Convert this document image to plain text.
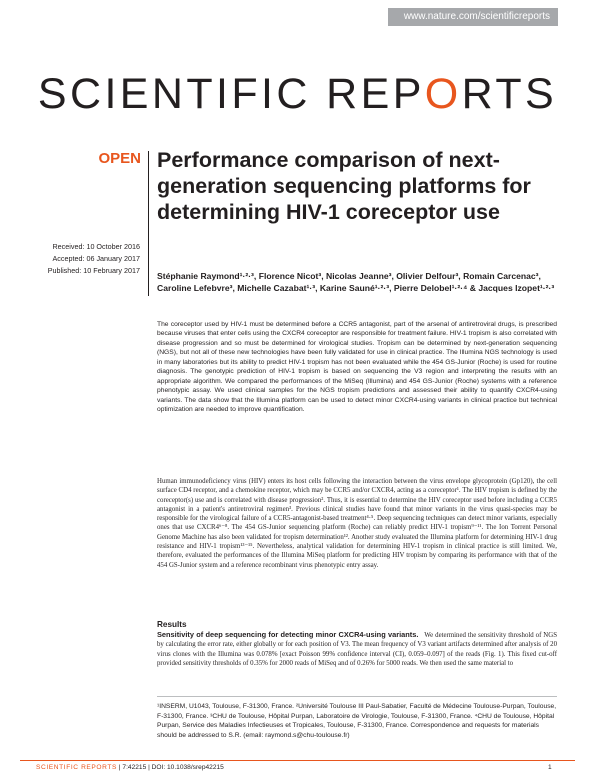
www.nature.com/scientificreports
SCIENTIFIC REPORTS
OPEN Performance comparison of next-generation sequencing platforms for determining HIV-1 coreceptor use
Received: 10 October 2016
Accepted: 06 January 2017
Published: 10 February 2017
Stéphanie Raymond¹·²·³, Florence Nicot³, Nicolas Jeanne³, Olivier Delfour³, Romain Carcenac³, Caroline Lefebvre³, Michelle Cazabat¹·³, Karine Sauné¹·²·³, Pierre Delobel¹·²·⁴ & Jacques Izopet¹·²·³

The coreceptor used by HIV-1 must be determined before a CCR5 antagonist, part of the arsenal of antiretroviral drugs, is prescribed because viruses that enter cells using the CXCR4 coreceptor are responsible for treatment failure. HIV-1 tropism is also correlated with disease progression and so must be determined for virological studies. Tropism can be determined by next-generation sequencing (NGS), but not all of these new technologies have been fully validated for use in clinical practice. The Illumina NGS technology is used in many laboratories but its ability to predict HIV-1 tropism has not been evaluated while the 454 GS-Junior (Roche) is used for routine diagnosis. The genotypic prediction of HIV-1 tropism is based on sequencing the V3 region and interpreting the results with an appropriate algorithm. We compared the performances of the MiSeq (Illumina) and 454 GS-Junior (Roche) systems with a reference phenotypic assay. We used clinical samples for the NGS tropism predictions and assessed their ability to quantify CXCR4-using variants. The data show that the Illumina platform can be used to detect minor CXCR4-using variants in clinical practice but technical optimization are needed to improve quantification.

Human immunodeficiency virus (HIV) enters its host cells following the interaction between the virus envelope glycoprotein (Gp120), the cell surface CD4 receptor, and a chemokine receptor, which may be CCR5 and/or CXCR4, acting as a coreceptor¹. The HIV tropism is defined by the coreceptor(s) use and is correlated with disease progression². Thus, it is essential to determine the HIV coreceptor used before including a CCR5 antagonist in a patient's antiretroviral regimen³. Previous clinical studies have found that minor variants in the virus quasi-species may be responsible for the virological failure of a CCR5-antagonist-based treatment⁴·⁵. Deep sequencing techniques can detect minor variants, especially ones that use CXCR4⁶⁻⁸. The 454 GS-Junior sequencing platform (Roche) can reliably predict HIV-1 tropism⁹⁻¹¹. The Ion Torrent Personal Genome Machine has also been validated for tropism determination¹². Another study evaluated the Illumina platform for determining HIV-1 drug resistance and HIV-1 tropism¹³⁻¹⁵. Nevertheless, analytical validation for determining HIV-1 tropism in clinical practice is still limited. We, therefore, evaluated the performances of the Illumina MiSeq platform for predicting HIV tropism by comparing its performance with that of the 454 GS-Junior system and a reference recombinant virus phenotypic entry assay.

Results

Sensitivity of deep sequencing for detecting minor CXCR4-using variants. We determined the sensitivity threshold of NGS by calculating the error rate, either globally or for each position of V3. The mean frequency of V3 variant artifacts determined after analysis of 20 virus clones with the Illumina was 0.078% [exact Poisson 99% confidence interval (CI), 0.059–0.097] of the reads (Fig. 1). This fixed cut-off provided sensitivity thresholds of 0.35% for 2000 reads of MiSeq and of 0.26% for 5000 reads. We then used the same material to

¹INSERM, U1043, Toulouse, F-31300, France. ²Université Toulouse III Paul-Sabatier, Faculté de Médecine Toulouse-Purpan, Toulouse, F-31300, France. ³CHU de Toulouse, Hôpital Purpan, Laboratoire de Virologie, Toulouse, F-31300, France. ⁴CHU de Toulouse, Hôpital Purpan, Service des Maladies Infectieuses et Tropicales, Toulouse, F-31300, France. Correspondence and requests for materials should be addressed to S.R. (email: raymond.s@chu-toulouse.fr)

SCIENTIFIC REPORTS | 7:42215 | DOI: 10.1038/srep42215	1
